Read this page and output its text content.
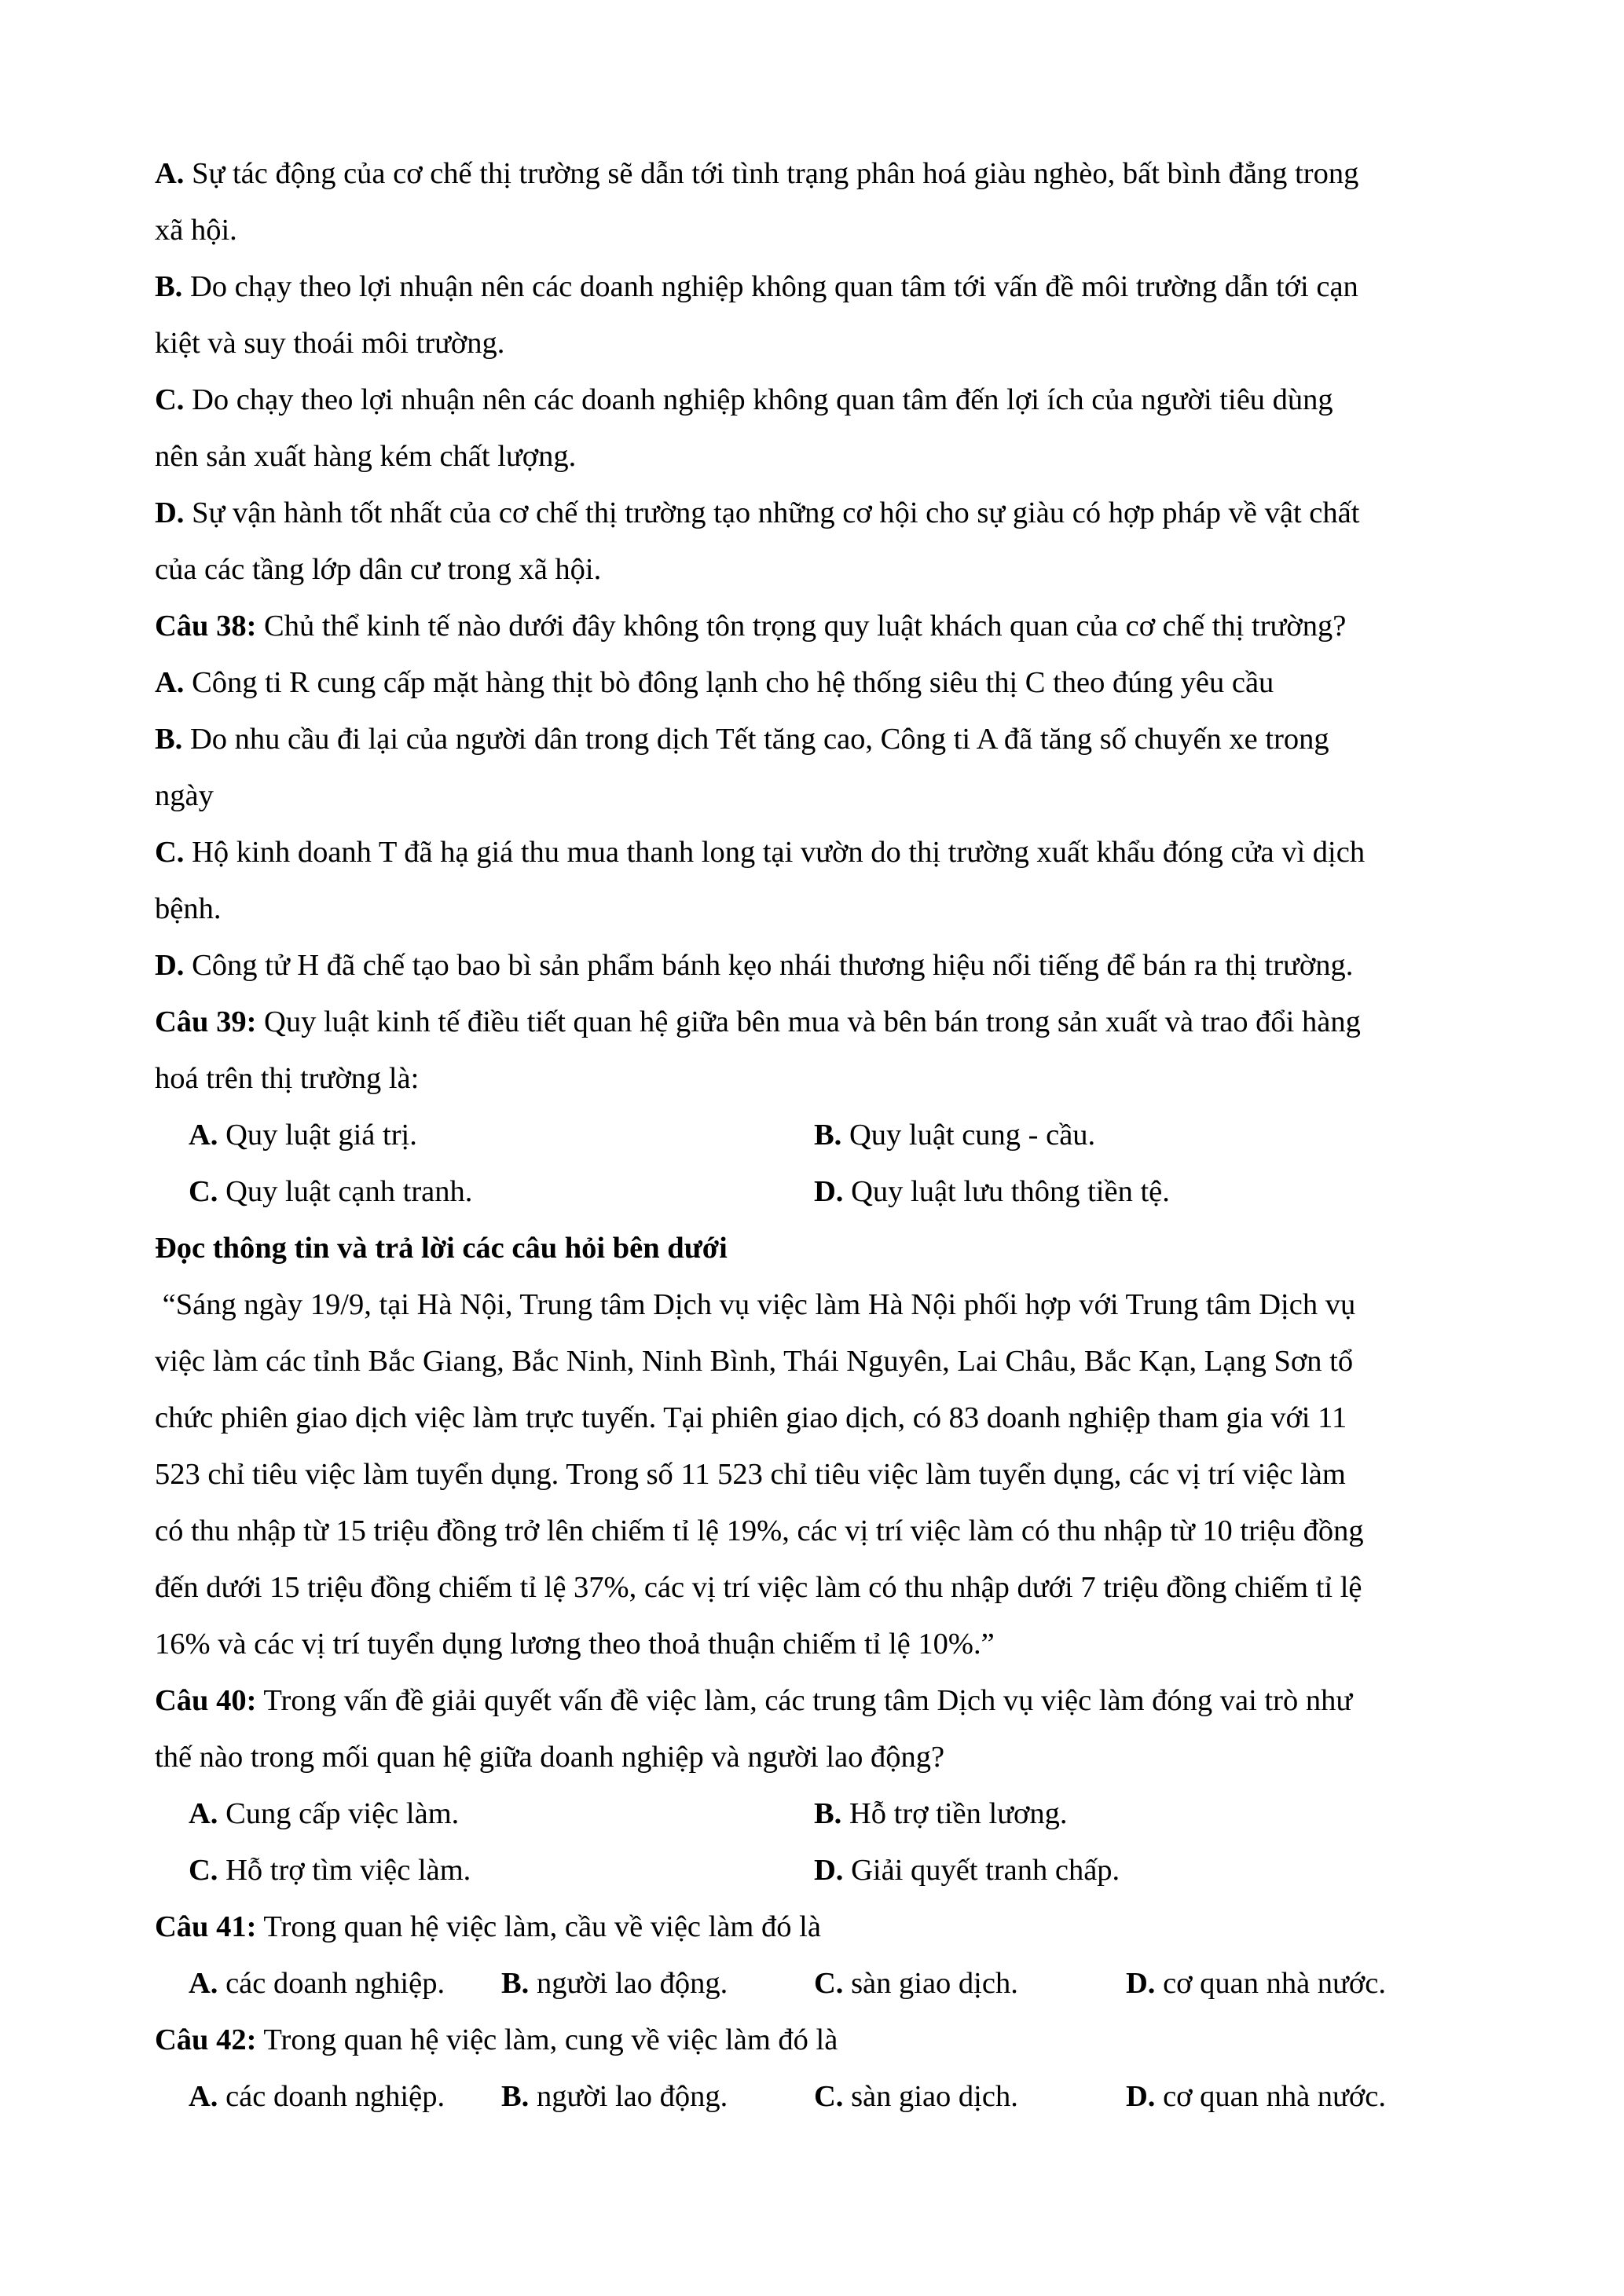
A. Sự tác động của cơ chế thị trường sẽ dẫn tới tình trạng phân hoá giàu nghèo, bất bình đẳng trong

xã hội.

B. Do chạy theo lợi nhuận nên các doanh nghiệp không quan tâm tới vấn đề môi trường dẫn tới cạn

kiệt và suy thoái môi trường.

C. Do chạy theo lợi nhuận nên các doanh nghiệp không quan tâm đến lợi ích của người tiêu dùng

nên sản xuất hàng kém chất lượng.

D. Sự vận hành tốt nhất của cơ chế thị trường tạo những cơ hội cho sự giàu có hợp pháp về vật chất

của các tầng lớp dân cư trong xã hội.

Câu 38: Chủ thể kinh tế nào dưới đây không tôn trọng quy luật khách quan của cơ chế thị trường?

A. Công ti R cung cấp mặt hàng thịt bò đông lạnh cho hệ thống siêu thị C theo đúng yêu cầu

B. Do nhu cầu đi lại của người dân trong dịch Tết tăng cao, Công ti A đã tăng số chuyến xe trong

ngày

C. Hộ kinh doanh T đã hạ giá thu mua thanh long tại vườn do thị trường xuất khẩu đóng cửa vì dịch

bệnh.

D. Công tử H đã chế tạo bao bì sản phẩm bánh kẹo nhái thương hiệu nổi tiếng để bán ra thị trường.

Câu 39: Quy luật kinh tế điều tiết quan hệ giữa bên mua và bên bán trong sản xuất và trao đổi hàng

hoá trên thị trường là:

A. Quy luật giá trị.	B. Quy luật cung - cầu.
C. Quy luật cạnh tranh.	D. Quy luật lưu thông tiền tệ.

Đọc thông tin và trả lời các câu hỏi bên dưới

“Sáng ngày 19/9, tại Hà Nội, Trung tâm Dịch vụ việc làm Hà Nội phối hợp với Trung tâm Dịch vụ

việc làm các tỉnh Bắc Giang, Bắc Ninh, Ninh Bình, Thái Nguyên, Lai Châu, Bắc Kạn, Lạng Sơn tổ

chức phiên giao dịch việc làm trực tuyến. Tại phiên giao dịch, có 83 doanh nghiệp tham gia với 11

523 chỉ tiêu việc làm tuyển dụng. Trong số 11 523 chỉ tiêu việc làm tuyển dụng, các vị trí việc làm

có thu nhập từ 15 triệu đồng trở lên chiếm tỉ lệ 19%, các vị trí việc làm có thu nhập từ 10 triệu đồng

đến dưới 15 triệu đồng chiếm tỉ lệ 37%, các vị trí việc làm có thu nhập dưới 7 triệu đồng chiếm tỉ lệ

16% và các vị trí tuyển dụng lương theo thoả thuận chiếm tỉ lệ 10%.”

Câu 40: Trong vấn đề giải quyết vấn đề việc làm, các trung tâm Dịch vụ việc làm đóng vai trò như

thế nào trong mối quan hệ giữa doanh nghiệp và người lao động?

A. Cung cấp việc làm.	B. Hỗ trợ tiền lương.
C. Hỗ trợ tìm việc làm.	D. Giải quyết tranh chấp.

Câu 41: Trong quan hệ việc làm, cầu về việc làm đó là

A. các doanh nghiệp. B. người lao động.	C. sàn giao dịch.	D. cơ quan nhà nước.

Câu 42: Trong quan hệ việc làm, cung về việc làm đó là

A. các doanh nghiệp. B. người lao động.	C. sàn giao dịch.	D. cơ quan nhà nước.
